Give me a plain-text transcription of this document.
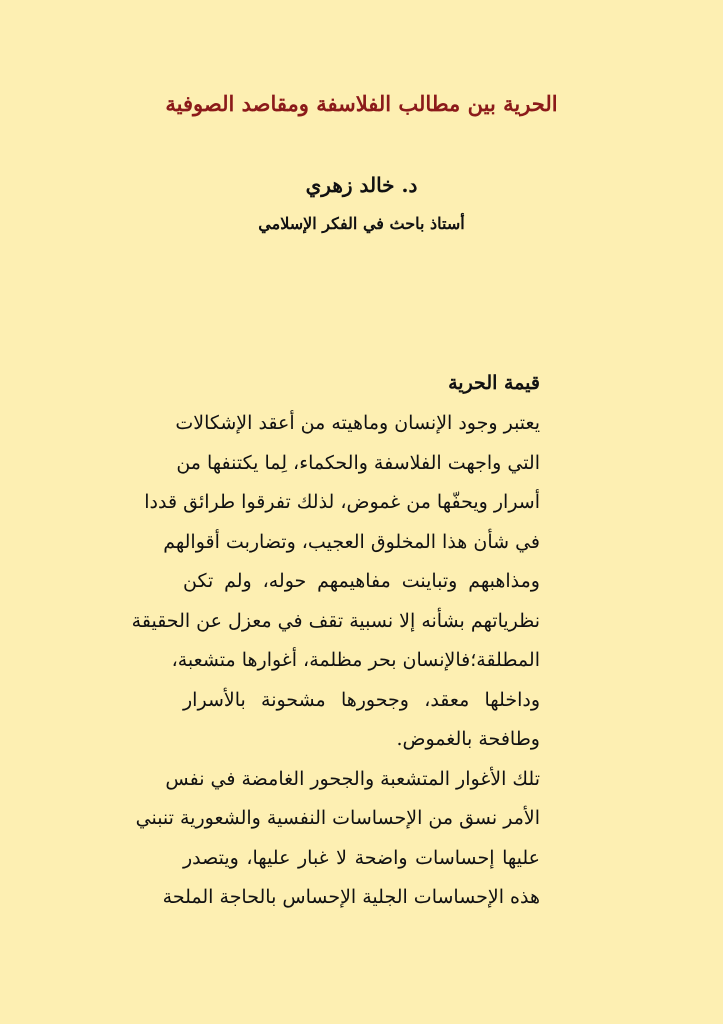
الحرية بين مطالب الفلاسفة ومقاصد الصوفية
د. خالد زهري
أستاذ باحث في الفكر الإسلامي
قيمة الحرية
يعتبر وجود الإنسان وماهيته من أعقد الإشكالات
التي واجهت الفلاسفة والحكماء، لِما يكتنفها من
أسرار ويحفّها من غموض، لذلك تفرقوا طرائق قددا
في شأن هذا المخلوق العجيب، وتضاربت أقوالهم
ومذاهبهم وتباينت مفاهيمهم حوله، ولم تكن
نظرياتهم بشأنه إلا نسبية تقف في معزل عن الحقيقة
المطلقة؛فالإنسان بحر مظلمة، أغوارها متشعبة،
وداخلها معقد، وجحورها مشحونة بالأسرار
وطافحة بالغموض.
تلك الأغوار المتشعبة والجحور الغامضة في نفس
الأمر نسق من الإحساسات النفسية والشعورية تنبني
عليها إحساسات واضحة لا غبار عليها، ويتصدر
هذه الإحساسات الجلية الإحساس بالحاجة الملحة
